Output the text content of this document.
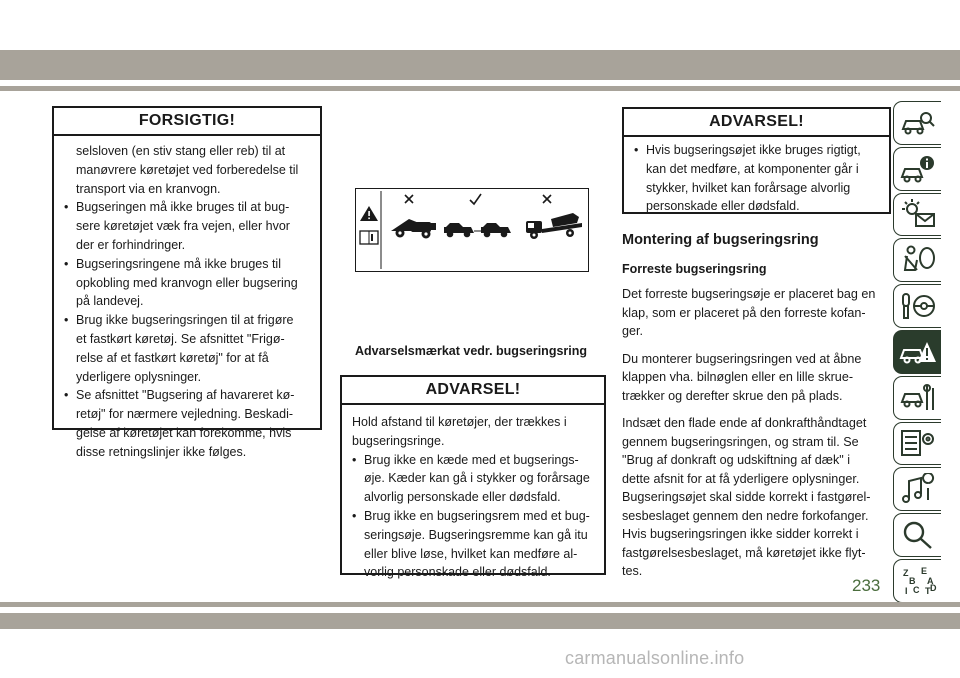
FORSIGTIG!
selsloven (en stiv stang eller reb) til at
manøvrere køretøjet ved forberedelse til
transport via en kranvogn.
• Bugseringen må ikke bruges til at bug-
sere køretøjet væk fra vejen, eller hvor
der er forhindringer.
• Bugseringsringene må ikke bruges til
opkobling med kranvogn eller bugsering
på landevej.
• Brug ikke bugseringsringen til at frigøre
et fastkørt køretøj. Se afsnittet "Frigø-
relse af et fastkørt køretøj" for at få
yderligere oplysninger.
• Se afsnittet "Bugsering af havareret kø-
retøj" for nærmere vejledning. Beskadi-
gelse af køretøjet kan forekomme, hvis
disse retningslinjer ikke følges.
Advarselsmærkat vedr. bugseringsring
ADVARSEL!
Hold afstand til køretøjer, der trækkes i
bugseringsringe.
• Brug ikke en kæde med et bugserings-
øje. Kæder kan gå i stykker og forårsage
alvorlig personskade eller dødsfald.
• Brug ikke en bugseringsrem med et bug-
seringsøje. Bugseringsremme kan gå itu
eller blive løse, hvilket kan medføre al-
vorlig personskade eller dødsfald.
ADVARSEL!
• Hvis bugseringsøjet ikke bruges rigtigt,
kan det medføre, at komponenter går i
stykker, hvilket kan forårsage alvorlig
personskade eller dødsfald.
Montering af bugseringsring
Forreste bugseringsring
Det forreste bugseringsøje er placeret bag en
klap, som er placeret på den forreste kofan-
ger.
Du monterer bugseringsringen ved at åbne
klappen vha. bilnøglen eller en lille skrue-
trækker og derefter skrue den på plads.
Indsæt den flade ende af donkrafthåndtaget
gennem bugseringsringen, og stram til. Se
"Brug af donkraft og udskiftning af dæk" i
dette afsnit for at få yderligere oplysninger.
Bugseringsøjet skal sidde korrekt i fastgørel-
sesbeslaget gennem den nedre forkofanger.
Hvis bugseringsringen ikke sidder korrekt i
fastgørelsesbeslaget, må køretøjet ikke flyt-
tes.	Z E
B A
I C T D
233
carmanualsonline.info
